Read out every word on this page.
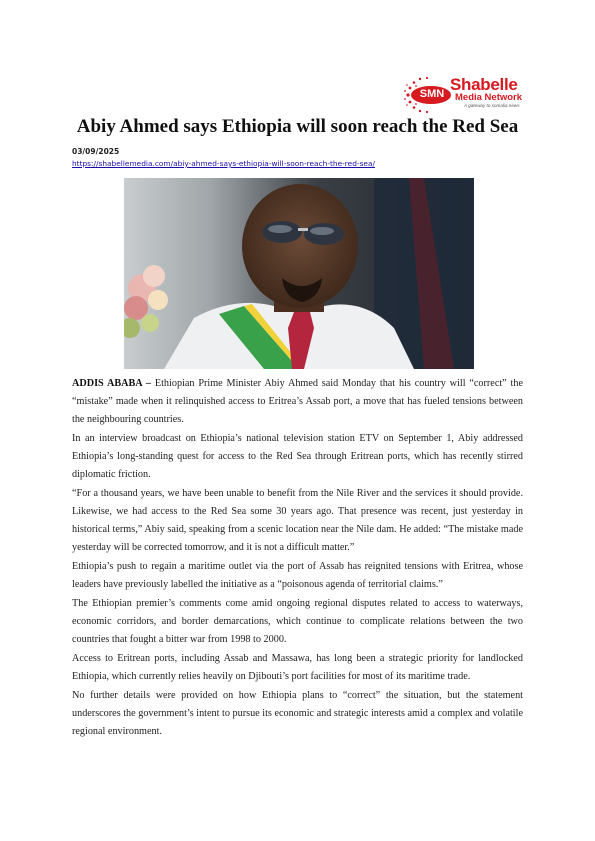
SMN Shabelle
Media Network
A gateway to somalia news
Abiy Ahmed says Ethiopia will soon reach the Red Sea
03/09/2025
https://shabellemedia.com/abiy-ahmed-says-ethiopia-will-soon-reach-the-red-sea/

ADDIS ABABA – Ethiopian Prime Minister Abiy Ahmed said Monday that his country will “correct” the “mistake” made when it relinquished access to Eritrea’s Assab port, a move that has fueled tensions between the neighbouring countries.

In an interview broadcast on Ethiopia’s national television station ETV on September 1, Abiy addressed Ethiopia’s long-standing quest for access to the Red Sea through Eritrean ports, which has recently stirred diplomatic friction.

“For a thousand years, we have been unable to benefit from the Nile River and the services it should provide. Likewise, we had access to the Red Sea some 30 years ago. That presence was recent, just yesterday in historical terms,” Abiy said, speaking from a scenic location near the Nile dam. He added: “The mistake made yesterday will be corrected tomorrow, and it is not a difficult matter.”

Ethiopia’s push to regain a maritime outlet via the port of Assab has reignited tensions with Eritrea, whose leaders have previously labelled the initiative as a “poisonous agenda of territorial claims.”

The Ethiopian premier’s comments come amid ongoing regional disputes related to access to waterways, economic corridors, and border demarcations, which continue to complicate relations between the two countries that fought a bitter war from 1998 to 2000.

Access to Eritrean ports, including Assab and Massawa, has long been a strategic priority for landlocked Ethiopia, which currently relies heavily on Djibouti’s port facilities for most of its maritime trade.

No further details were provided on how Ethiopia plans to “correct” the situation, but the statement underscores the government’s intent to pursue its economic and strategic interests amid a complex and volatile regional environment.
